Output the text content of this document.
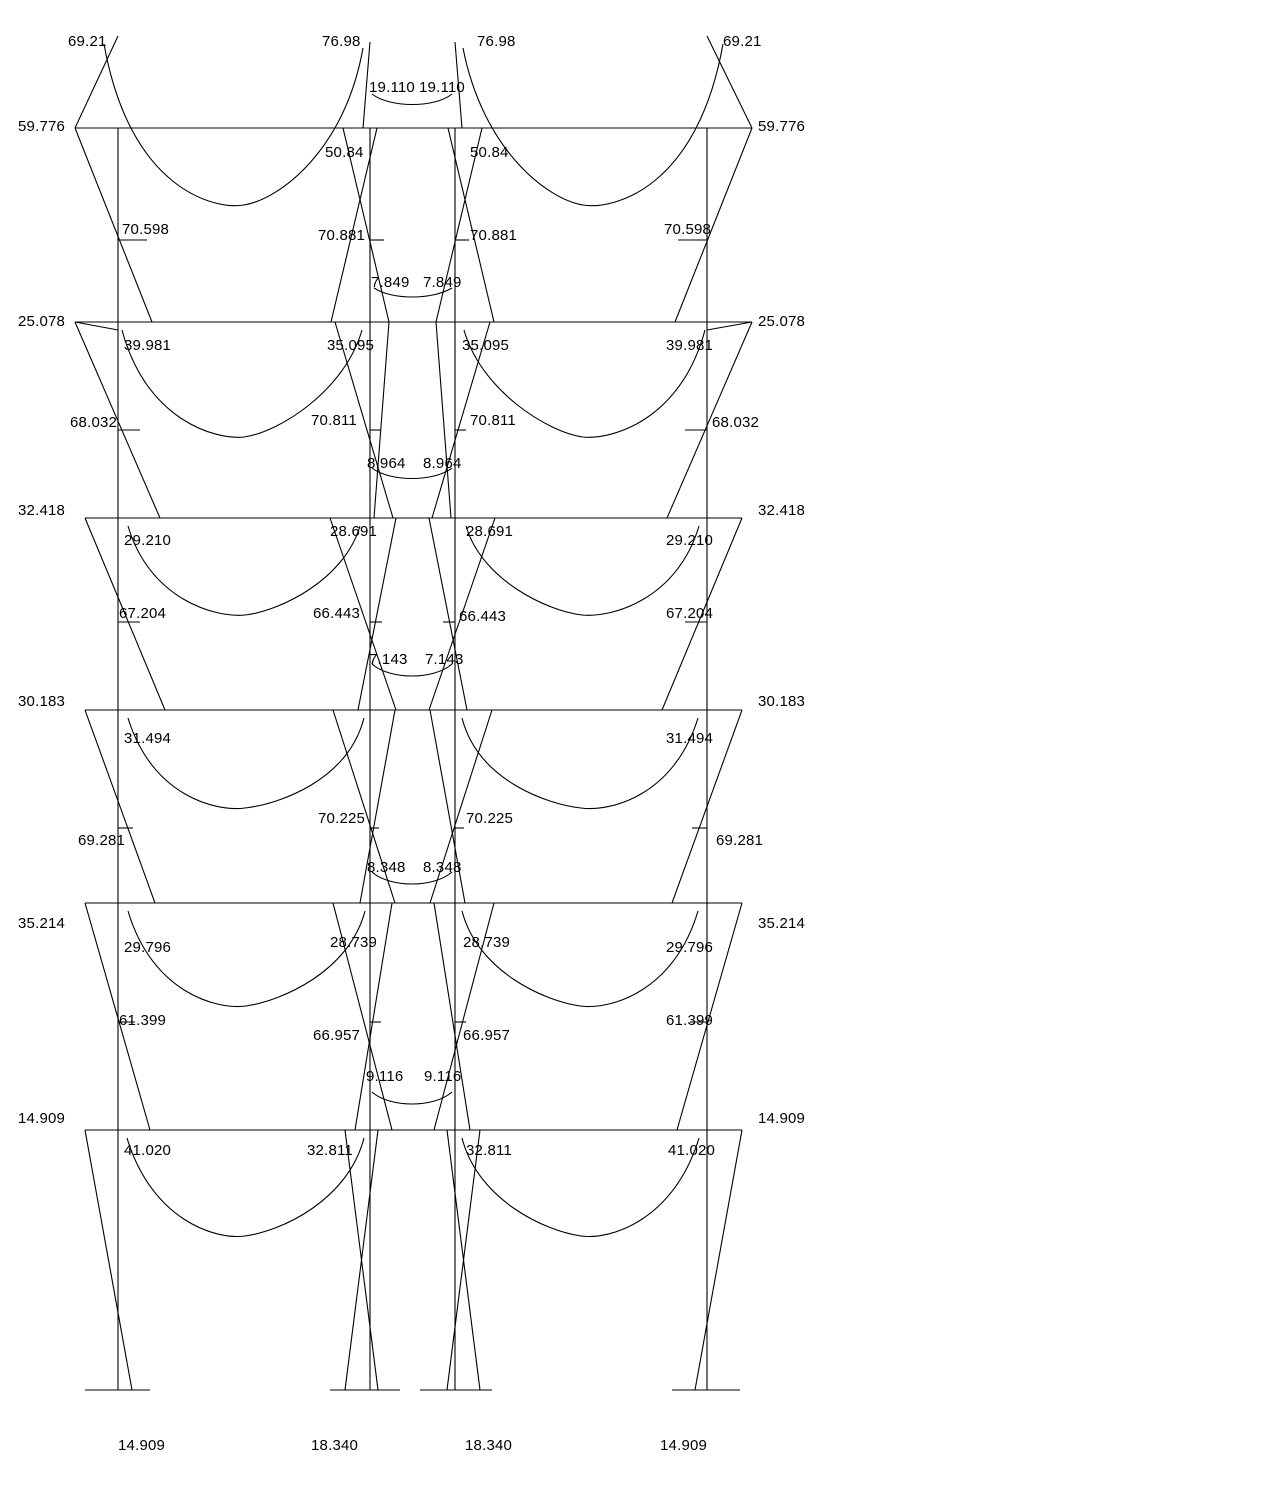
69.21	76.98	76.98	69.21
19.110 19.110
59.776	59.776
50.84	50.84
70.598	70.881	70.881	70.598
7.849 7.849
25.078	25.078
39.981	35.095	35.095	39.981
68.032	70.811	70.811	68.032
8.964 8.964
32.418	32.418
29.210
28.691	28.691
29.210
67.204	66.443	66.443	67.204
7.143 7.143
30.183	30.183
31.494	31.494
70.225	70.225
69.281	69.281
8.348 8.348
35.214	35.214
29.796	28.739	28.739	29.796
61.399
66.957	66.957
61.399
9.116 9.116
14.909	14.909
41.020	32.811	32.811	41.020
14.909	18.340	18.340	14.909
